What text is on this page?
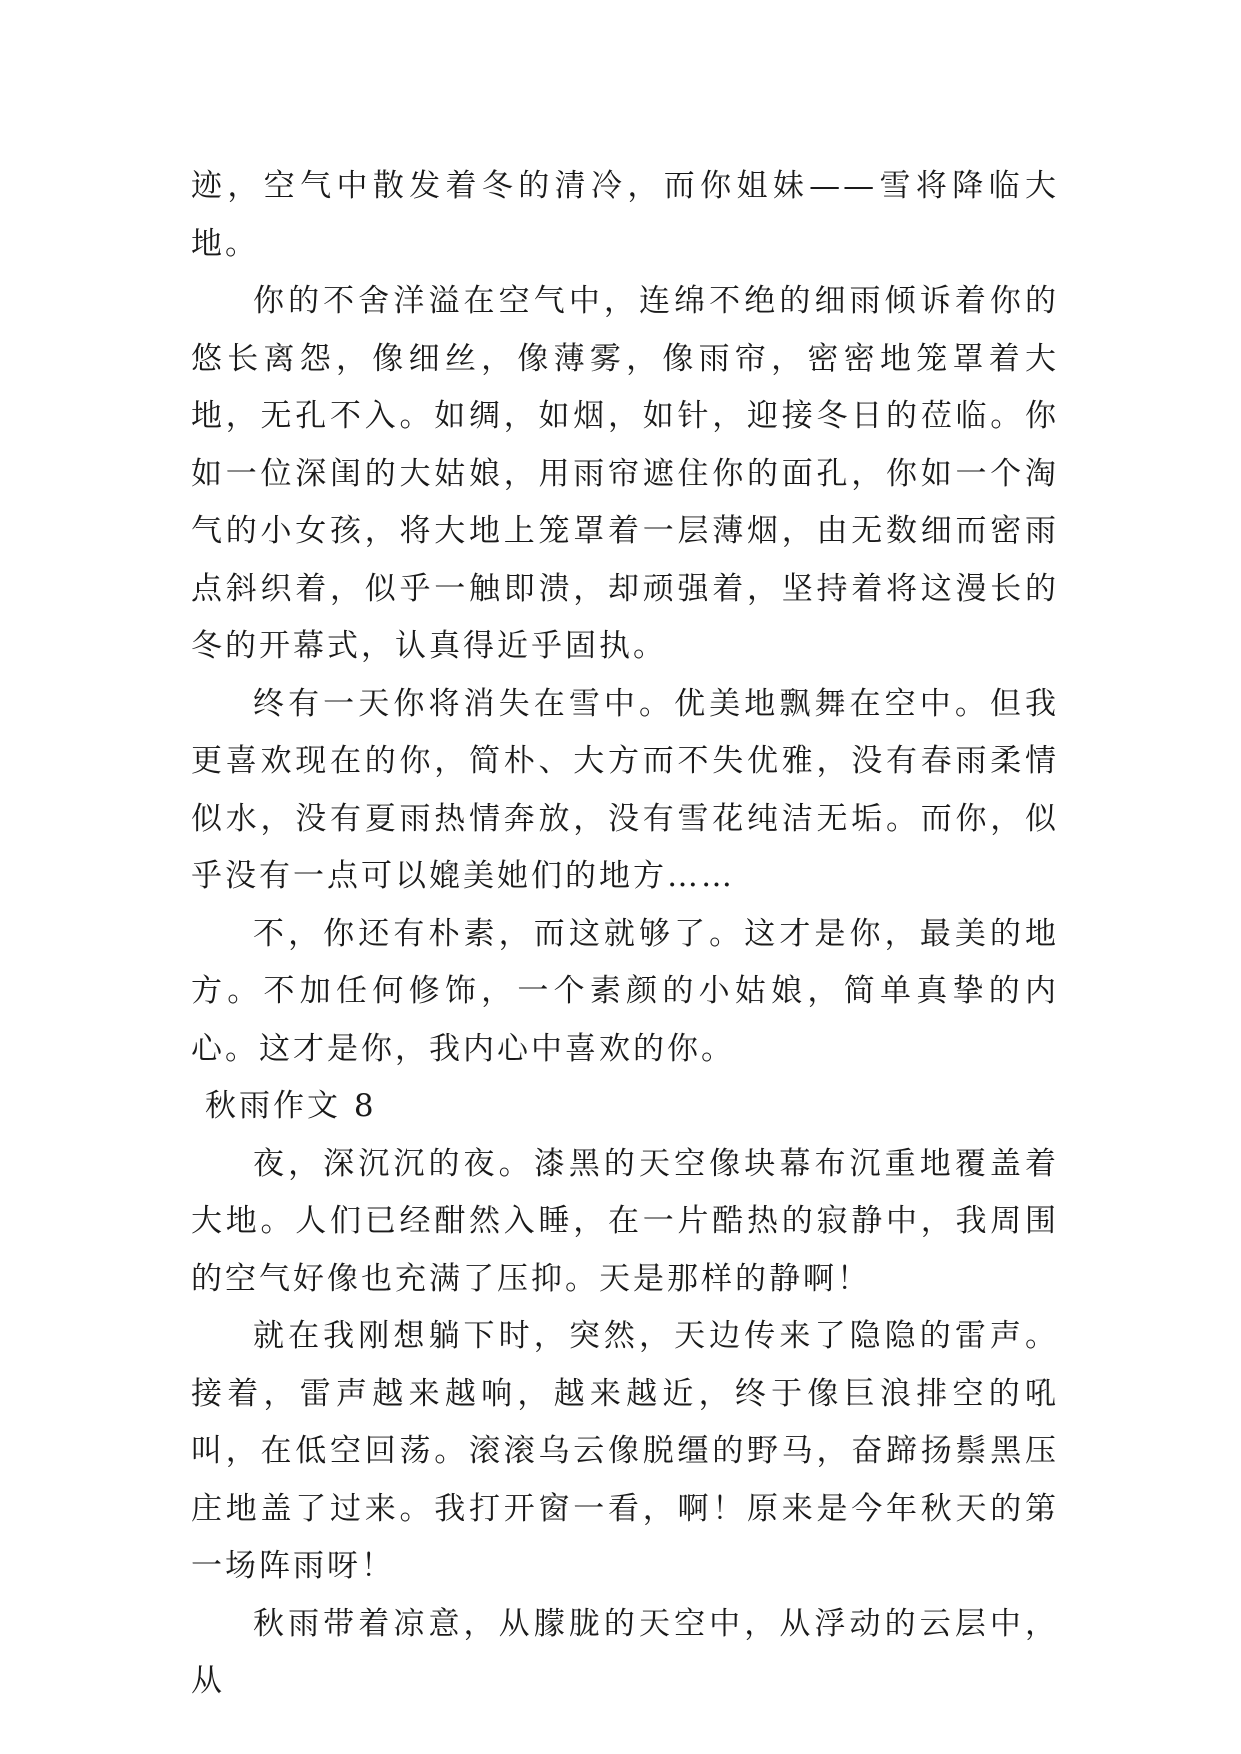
迹，空气中散发着冬的清冷，而你姐妹——雪将降临大地。

你的不舍洋溢在空气中，连绵不绝的细雨倾诉着你的悠长离怨，像细丝，像薄雾，像雨帘，密密地笼罩着大地，无孔不入。如绸，如烟，如针，迎接冬日的莅临。你如一位深闺的大姑娘，用雨帘遮住你的面孔，你如一个淘气的小女孩，将大地上笼罩着一层薄烟，由无数细而密雨点斜织着，似乎一触即溃，却顽强着，坚持着将这漫长的冬的开幕式，认真得近乎固执。

终有一天你将消失在雪中。优美地飘舞在空中。但我更喜欢现在的你，简朴、大方而不失优雅，没有春雨柔情似水，没有夏雨热情奔放，没有雪花纯洁无垢。而你，似乎没有一点可以媲美她们的地方……

不，你还有朴素，而这就够了。这才是你，最美的地方。不加任何修饰，一个素颜的小姑娘，简单真挚的内心。这才是你，我内心中喜欢的你。

秋雨作文 8

夜，深沉沉的夜。漆黑的天空像块幕布沉重地覆盖着大地。人们已经酣然入睡，在一片酷热的寂静中，我周围的空气好像也充满了压抑。天是那样的静啊！

就在我刚想躺下时，突然，天边传来了隐隐的雷声。接着，雷声越来越响，越来越近，终于像巨浪排空的吼叫，在低空回荡。滚滚乌云像脱缰的野马，奋蹄扬鬃黑压庄地盖了过来。我打开窗一看，啊！原来是今年秋天的第一场阵雨呀！

秋雨带着凉意，从朦胧的天空中，从浮动的云层中，从
